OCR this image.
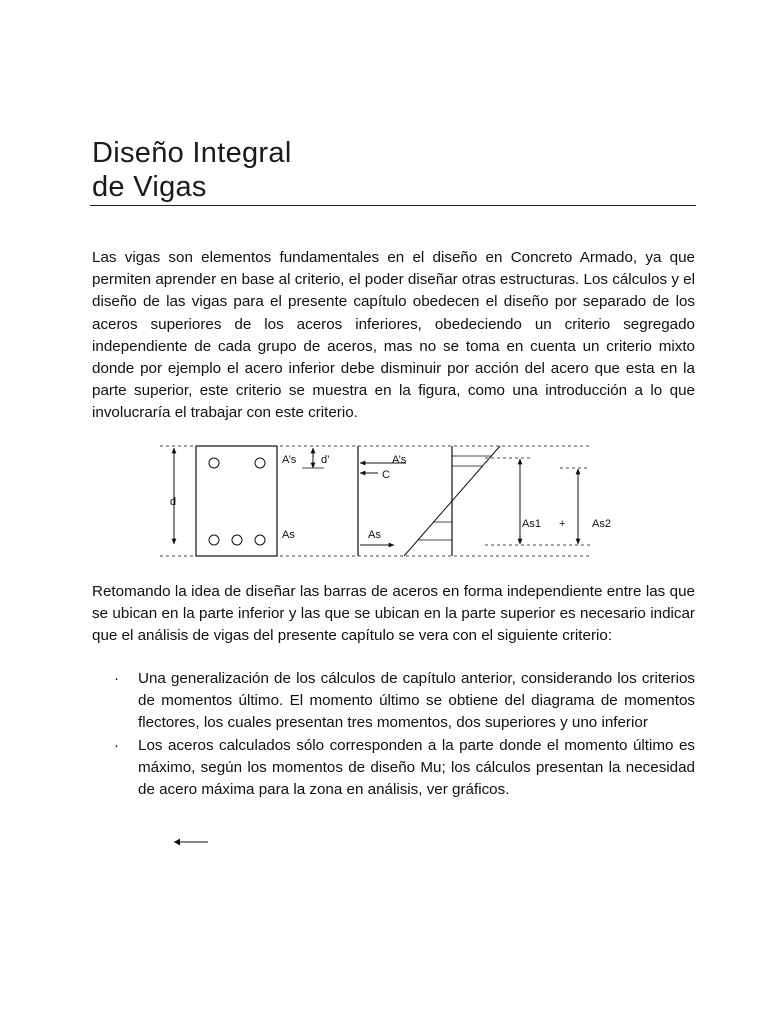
Diseño Integral
de Vigas

Las vigas son elementos fundamentales en el diseño en Concreto Armado, ya que permiten aprender en base al criterio, el poder diseñar otras estructuras. Los cálculos y el diseño de las vigas para el presente capítulo obedecen el diseño por separado de los aceros superiores de los aceros inferiores, obedeciendo un criterio segregado independiente de cada grupo de aceros, mas no se toma en cuenta un criterio mixto donde por ejemplo el acero inferior debe disminuir por acción del acero que esta en la parte superior, este criterio se muestra en la figura, como una introducción a lo que involucraría el trabajar con este criterio.

d
A’s d’
As
A’s
C
As
As1 + As2

Retomando la idea de diseñar las barras de aceros en forma independiente entre las que se ubican en la parte inferior y las que se ubican en la parte superior es necesario indicar que el análisis de vigas del presente capítulo se vera con el siguiente criterio:

· Una generalización de los cálculos de capítulo anterior, considerando los criterios de momentos último. El momento último se obtiene del diagrama de momentos flectores, los cuales presentan tres momentos, dos superiores y uno inferior
· Los aceros calculados sólo corresponden a la parte donde el momento último es máximo, según los momentos de diseño Mu; los cálculos presentan la necesidad de acero máxima para la zona en análisis, ver gráficos.
